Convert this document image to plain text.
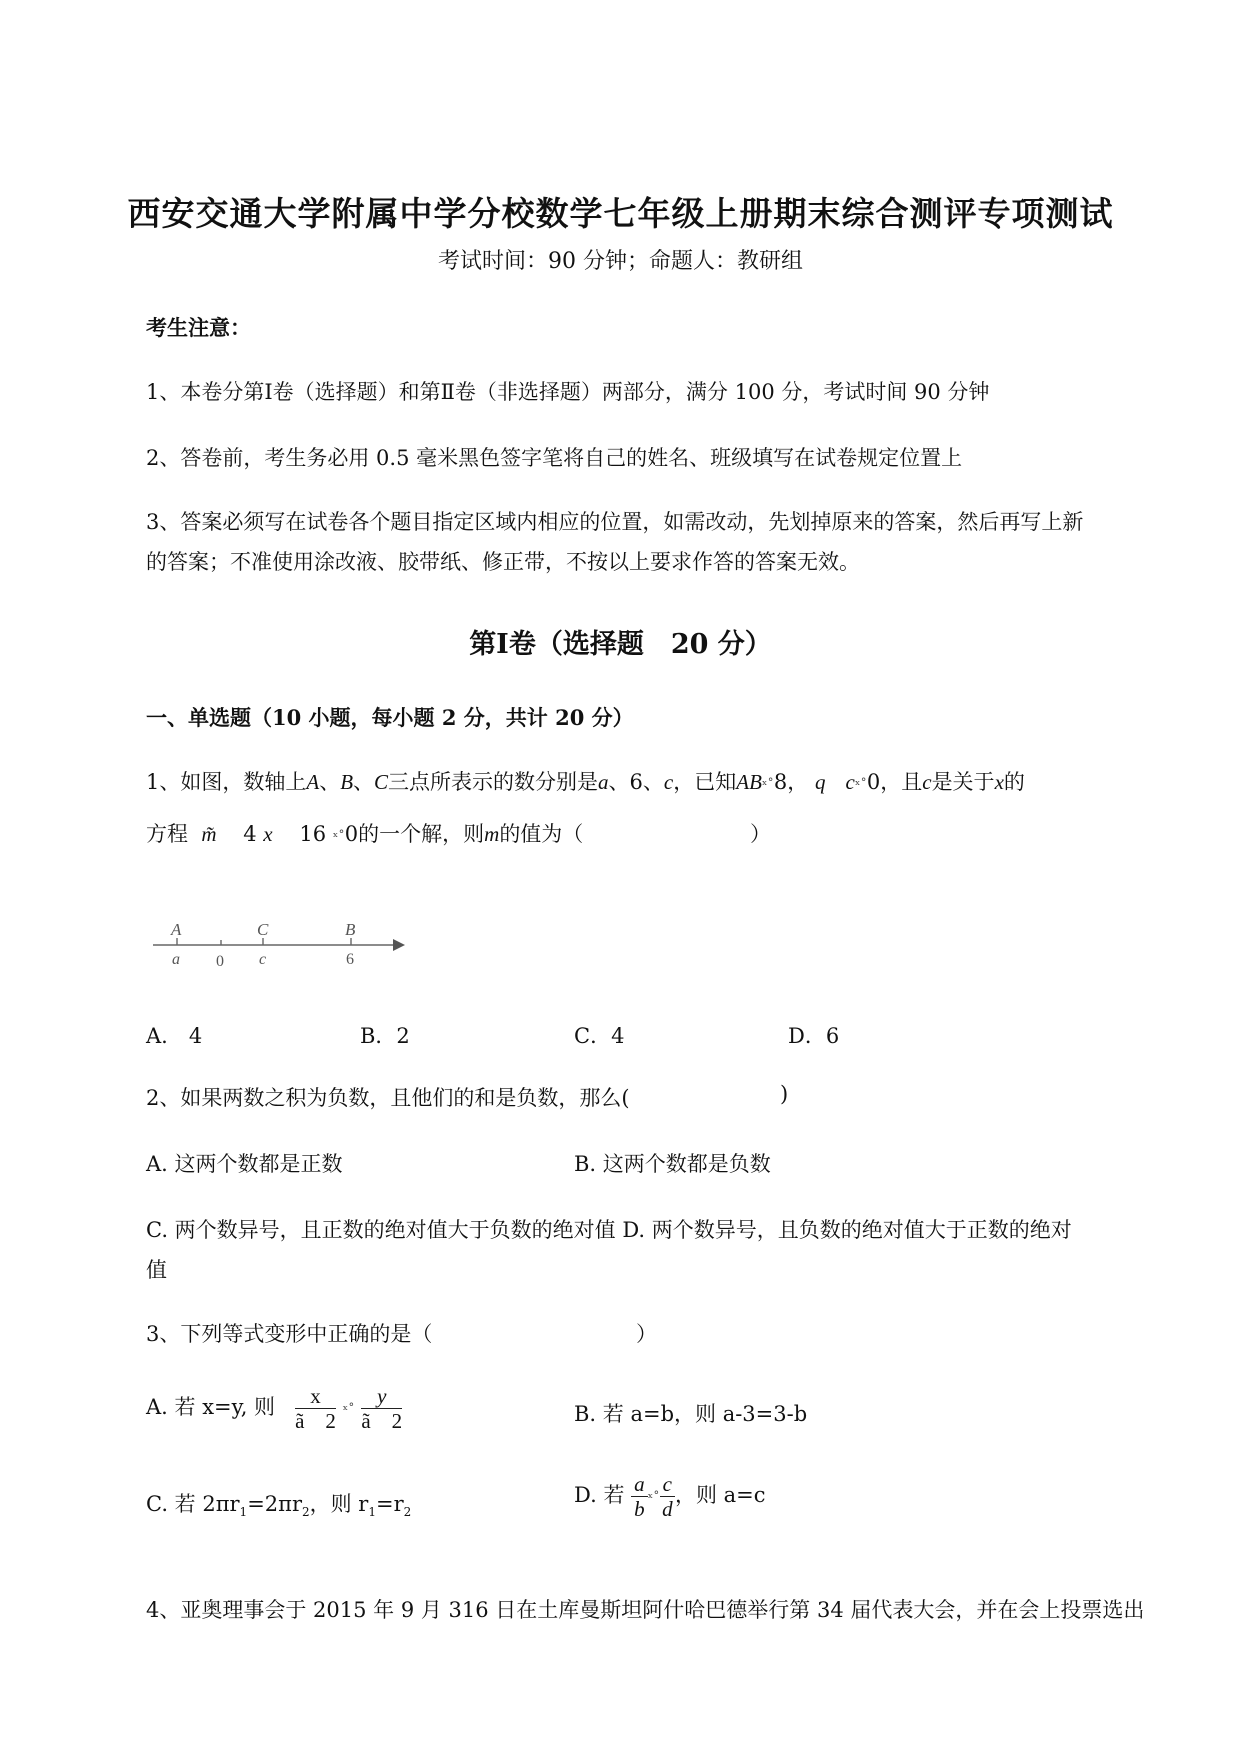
西安交通大学附属中学分校数学七年级上册期末综合测评专项测试
考试时间：90 分钟；命题人：教研组
考生注意：
1、本卷分第Ⅰ卷（选择题）和第Ⅱ卷（非选择题）两部分，满分 100 分，考试时间 90 分钟
2、答卷前，考生务必用 0.5 毫米黑色签字笔将自己的姓名、班级填写在试卷规定位置上
3、答案必须写在试卷各个题目指定区域内相应的位置，如需改动，先划掉原来的答案，然后再写上新
的答案；不准使用涂改液、胶带纸、修正带，不按以上要求作答的答案无效。
第Ⅰ卷（选择题　20 分）
一、单选题（10 小题，每小题 2 分，共计 20 分）
1、如图，数轴上A、B、C三点所表示的数分别是a、6、c，已知ABˣ˚8， q cˣ˚0，且c是关于x的
方程 m̃ 4 x 16 ˣ˚0的一个解，则m的值为（	）
A	C	B
a 0 c	6
A.　4	B．2	C．4	D．6
2、如果两数之积为负数，且他们的和是负数，那么(	)
A. 这两个数都是正数	B. 这两个数都是负数
C. 两个数异号，且正数的绝对值大于负数的绝对值 D. 两个数异号，且负数的绝对值大于正数的绝对
值
3、下列等式变形中正确的是（	）
A. 若 x=y, 则 $\frac{x}{ã 2}$ ˣ˚ $\frac{y}{ã 2}$	B. 若 a=b，则 a-3=3-b
C. 若 $2\pi r_1=2\pi r_2$，则 $r_1=r_2$
D. 若 $\frac{a}{b}$ ˣ˚ $\frac{c}{d}$ ，则 a=c
4、亚奥理事会于 2015 年 9 月 316 日在土库曼斯坦阿什哈巴德举行第 34 届代表大会，并在会上投票选出
